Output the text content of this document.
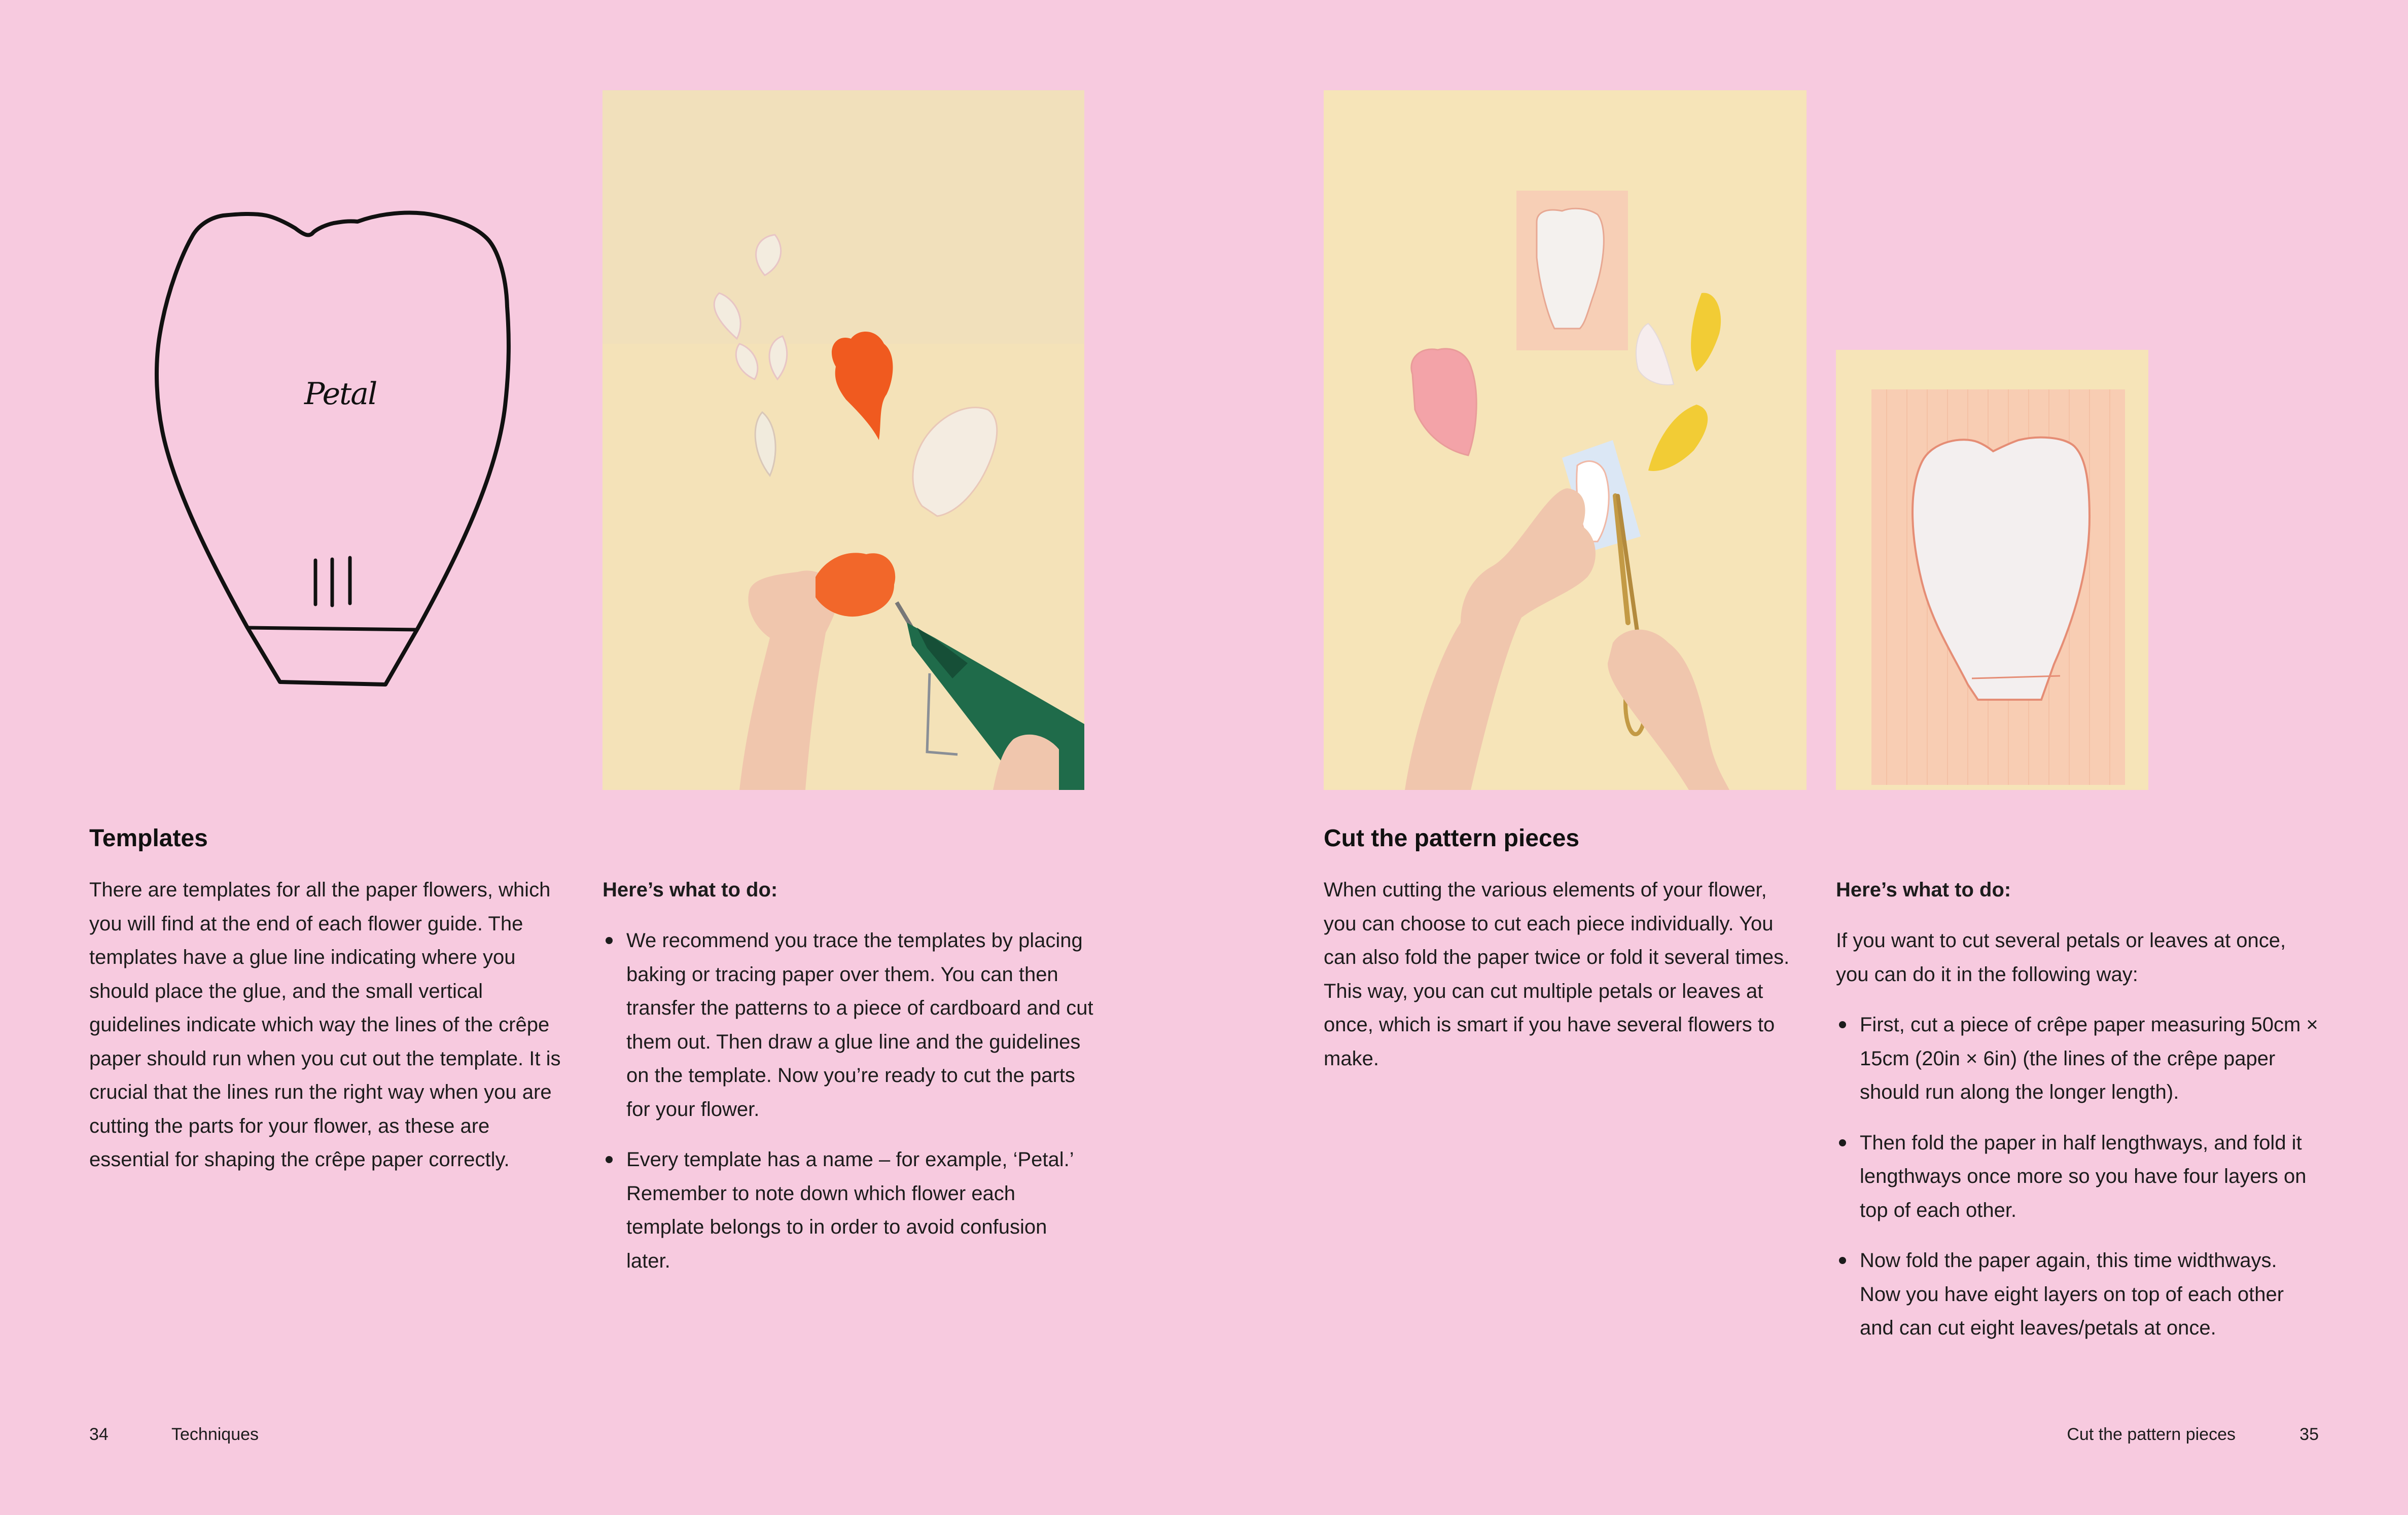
Petal
Templates

There are templates for all the paper flowers, which you will find at the end of each flower guide. The templates have a glue line indicating where you should place the glue, and the small vertical guidelines indicate which way the lines of the crêpe paper should run when you cut out the template. It is crucial that the lines run the right way when you are cutting the parts for your flower, as these are essential for shaping the crêpe paper correctly.

Here’s what to do:

We recommend you trace the templates by placing baking or tracing paper over them. You can then transfer the patterns to a piece of cardboard and cut them out. Then draw a glue line and the guidelines on the template. Now you’re ready to cut the parts for your flower.
Every template has a name – for example, ‘Petal.’ Remember to note down which flower each template belongs to in order to avoid confusion later.
34	Techniques
Cut the pattern pieces

When cutting the various elements of your flower, you can choose to cut each piece individually. You can also fold the paper twice or fold it several times. This way, you can cut multiple petals or leaves at once, which is smart if you have several flowers to make.

Here’s what to do:

If you want to cut several petals or leaves at once, you can do it in the following way:

First, cut a piece of crêpe paper measuring 50cm × 15cm (20in × 6in) (the lines of the crêpe paper should run along the longer length).
Then fold the paper in half lengthways, and fold it lengthways once more so you have four layers on top of each other.
Now fold the paper again, this time widthways. Now you have eight layers on top of each other and can cut eight leaves/petals at once.
Cut the pattern pieces	35
